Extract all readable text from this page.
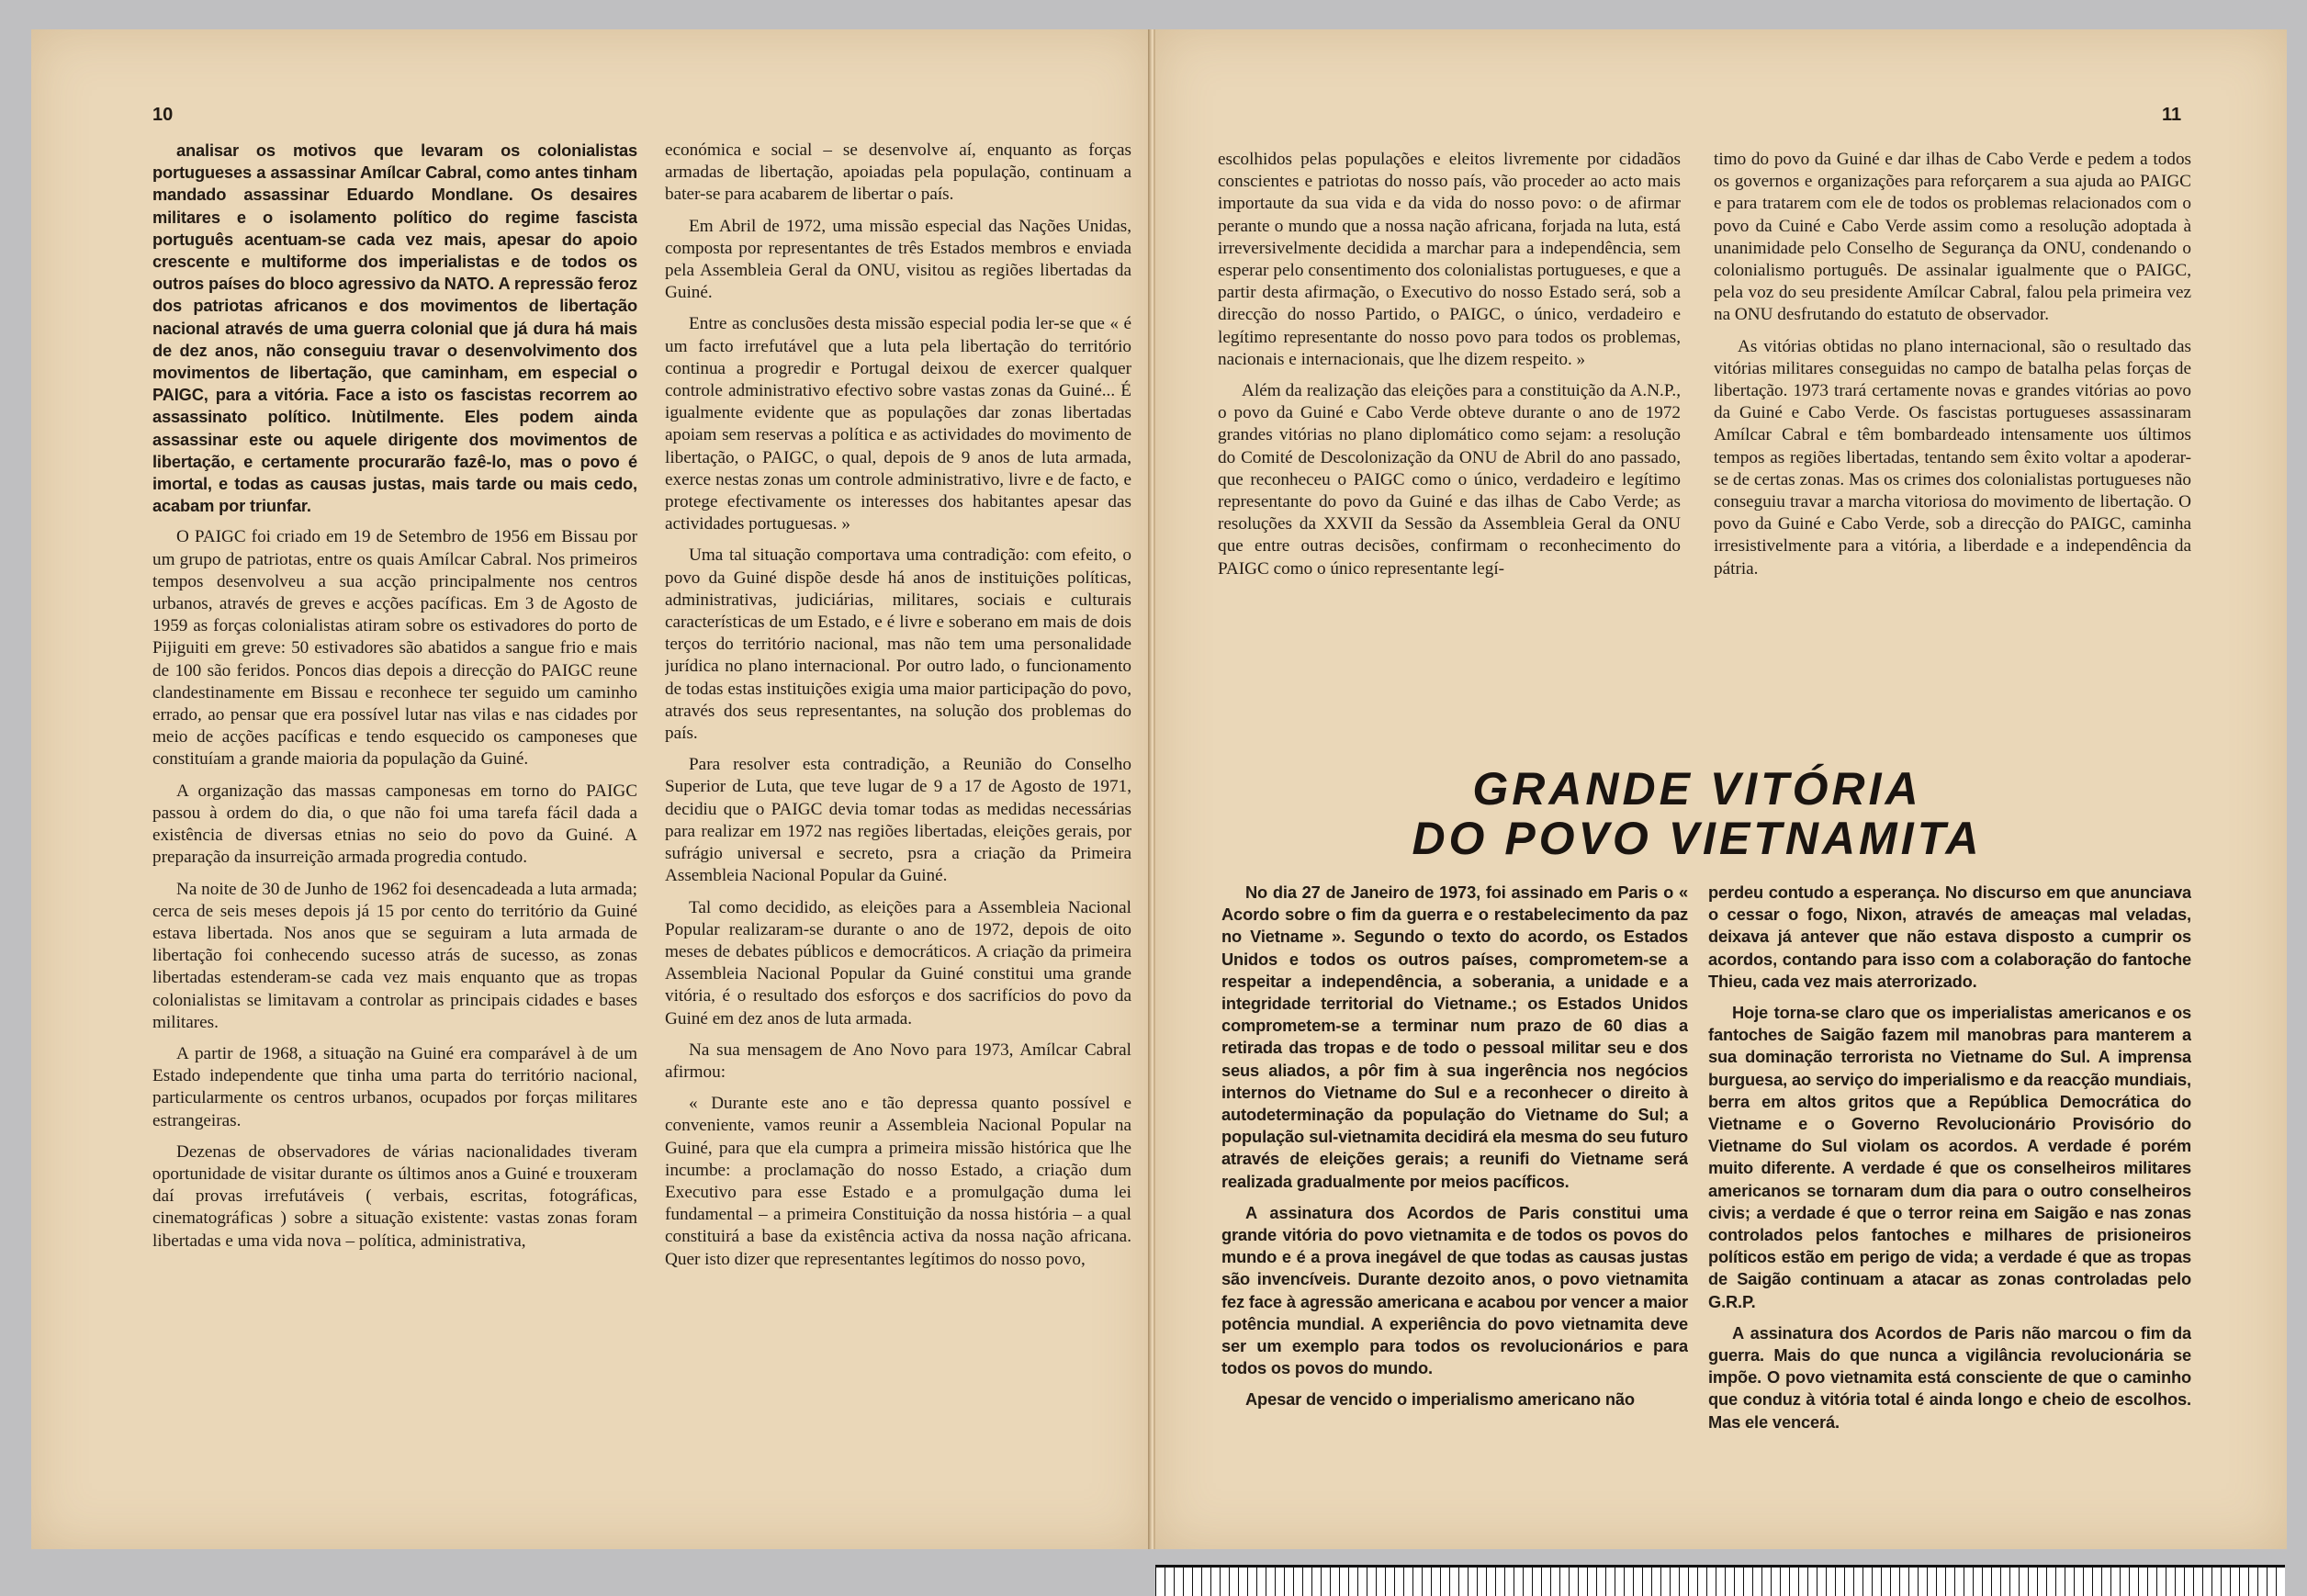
10

analisar os motivos que levaram os colonialistas portugueses a assassinar Amílcar Cabral, como antes tinham mandado assassinar Eduardo Mondlane. Os desaires militares e o isolamento político do regime fascista português acentuam-se cada vez mais, apesar do apoio crescente e multiforme dos imperialistas e de todos os outros países do bloco agressivo da NATO. A repressão feroz dos patriotas africanos e dos movimentos de libertação nacional através de uma guerra colonial que já dura há mais de dez anos, não conseguiu travar o desenvolvimento dos movimentos de libertação, que caminham, em especial o PAIGC, para a vitória. Face a isto os fascistas recorrem ao assassinato político. Inùtilmente. Eles podem ainda assassinar este ou aquele dirigente dos movimentos de libertação, e certamente procurarão fazê-lo, mas o povo é imortal, e todas as causas justas, mais tarde ou mais cedo, acabam por triunfar.

O PAIGC foi criado em 19 de Setembro de 1956 em Bissau por um grupo de patriotas, entre os quais Amílcar Cabral. Nos primeiros tempos desenvolveu a sua acção principalmente nos centros urbanos, através de greves e acções pacíficas. Em 3 de Agosto de 1959 as forças colonialistas atiram sobre os estivadores do porto de Pijiguiti em greve: 50 estivadores são abatidos a sangue frio e mais de 100 são feridos. Poncos dias depois a direcção do PAIGC reune clandestinamente em Bissau e reconhece ter seguido um caminho errado, ao pensar que era possível lutar nas vilas e nas cidades por meio de acções pacíficas e tendo esquecido os camponeses que constituíam a grande maioria da população da Guiné.

A organização das massas camponesas em torno do PAIGC passou à ordem do dia, o que não foi uma tarefa fácil dada a existência de diversas etnias no seio do povo da Guiné. A preparação da insurreição armada progredia contudo.

Na noite de 30 de Junho de 1962 foi desencadeada a luta armada; cerca de seis meses depois já 15 por cento do território da Guiné estava libertada. Nos anos que se seguiram a luta armada de libertação foi conhecendo sucesso atrás de sucesso, as zonas libertadas estenderam-se cada vez mais enquanto que as tropas colonialistas se limitavam a controlar as principais cidades e bases militares.

A partir de 1968, a situação na Guiné era comparável à de um Estado independente que tinha uma parta do território nacional, particularmente os centros urbanos, ocupados por forças militares estrangeiras.

Dezenas de observadores de várias nacionalidades tiveram oportunidade de visitar durante os últimos anos a Guiné e trouxeram daí provas irrefutáveis ( verbais, escritas, fotográficas, cinematográficas ) sobre a situação existente: vastas zonas foram libertadas e uma vida nova – política, administrativa,

económica e social – se desenvolve aí, enquanto as forças armadas de libertação, apoiadas pela população, continuam a bater-se para acabarem de libertar o país.

Em Abril de 1972, uma missão especial das Nações Unidas, composta por representantes de três Estados membros e enviada pela Assembleia Geral da ONU, visitou as regiões libertadas da Guiné.

Entre as conclusões desta missão especial podia ler-se que « é um facto irrefutável que a luta pela libertação do território continua a progredir e Portugal deixou de exercer qualquer controle administrativo efectivo sobre vastas zonas da Guiné... É igualmente evidente que as populações dar zonas libertadas apoiam sem reservas a política e as actividades do movimento de libertação, o PAIGC, o qual, depois de 9 anos de luta armada, exerce nestas zonas um controle administrativo, livre e de facto, e protege efectivamente os interesses dos habitantes apesar das actividades portuguesas. »

Uma tal situação comportava uma contradição: com efeito, o povo da Guiné dispõe desde há anos de instituições políticas, administrativas, judiciárias, militares, sociais e culturais características de um Estado, e é livre e soberano em mais de dois terços do território nacional, mas não tem uma personalidade jurídica no plano internacional. Por outro lado, o funcionamento de todas estas instituições exigia uma maior participação do povo, através dos seus representantes, na solução dos problemas do país.

Para resolver esta contradição, a Reunião do Conselho Superior de Luta, que teve lugar de 9 a 17 de Agosto de 1971, decidiu que o PAIGC devia tomar todas as medidas necessárias para realizar em 1972 nas regiões libertadas, eleições gerais, por sufrágio universal e secreto, psra a criação da Primeira Assembleia Nacional Popular da Guiné.

Tal como decidido, as eleições para a Assembleia Nacional Popular realizaram-se durante o ano de 1972, depois de oito meses de debates públicos e democráticos. A criação da primeira Assembleia Nacional Popular da Guiné constitui uma grande vitória, é o resultado dos esforços e dos sacrifícios do povo da Guiné em dez anos de luta armada.

Na sua mensagem de Ano Novo para 1973, Amílcar Cabral afirmou:

« Durante este ano e tão depressa quanto possível e conveniente, vamos reunir a Assembleia Nacional Popular na Guiné, para que ela cumpra a primeira missão histórica que lhe incumbe: a proclamação do nosso Estado, a criação dum Executivo para esse Estado e a promulgação duma lei fundamental – a primeira Constituição da nossa história – a qual constituirá a base da existência activa da nossa nação africana. Quer isto dizer que representantes legítimos do nosso povo,

11

escolhidos pelas populações e eleitos livremente por cidadãos conscientes e patriotas do nosso país, vão proceder ao acto mais importaute da sua vida e da vida do nosso povo: o de afirmar perante o mundo que a nossa nação africana, forjada na luta, está irreversivelmente decidida a marchar para a independência, sem esperar pelo consentimento dos colonialistas portugueses, e que a partir desta afirmação, o Executivo do nosso Estado será, sob a direcção do nosso Partido, o PAIGC, o único, verdadeiro e legítimo representante do nosso povo para todos os problemas, nacionais e internacionais, que lhe dizem respeito. »

Além da realização das eleições para a constituição da A.N.P., o povo da Guiné e Cabo Verde obteve durante o ano de 1972 grandes vitórias no plano diplomático como sejam: a resolução do Comité de Descolonização da ONU de Abril do ano passado, que reconheceu o PAIGC como o único, verdadeiro e legítimo representante do povo da Guiné e das ilhas de Cabo Verde; as resoluções da XXVII da Sessão da Assembleia Geral da ONU que entre outras decisões, confirmam o reconhecimento do PAIGC como o único representante legí-

timo do povo da Guiné e dar ilhas de Cabo Verde e pedem a todos os governos e organizações para reforçarem a sua ajuda ao PAIGC e para tratarem com ele de todos os problemas relacionados com o povo da Cuiné e Cabo Verde assim como a resolução adoptada à unanimidade pelo Conselho de Segurança da ONU, condenando o colonialismo português. De assinalar igualmente que o PAIGC, pela voz do seu presidente Amílcar Cabral, falou pela primeira vez na ONU desfrutando do estatuto de observador.

As vitórias obtidas no plano internacional, são o resultado das vitórias militares conseguidas no campo de batalha pelas forças de libertação. 1973 trará certamente novas e grandes vitórias ao povo da Guiné e Cabo Verde. Os fascistas portugueses assassinaram Amílcar Cabral e têm bombardeado intensamente uos últimos tempos as regiões libertadas, tentando sem êxito voltar a apoderar-se de certas zonas. Mas os crimes dos colonialistas portugueses não conseguiu travar a marcha vitoriosa do movimento de libertação. O povo da Guiné e Cabo Verde, sob a direcção do PAIGC, caminha irresistivelmente para a vitória, a liberdade e a independência da pátria.

GRANDE VITÓRIA
DO POVO VIETNAMITA

No dia 27 de Janeiro de 1973, foi assinado em Paris o « Acordo sobre o fim da guerra e o restabelecimento da paz no Vietname ». Segundo o texto do acordo, os Estados Unidos e todos os outros países, comprometem-se a respeitar a independência, a soberania, a unidade e a integridade territorial do Vietname.; os Estados Unidos comprometem-se a terminar num prazo de 60 dias a retirada das tropas e de todo o pessoal militar seu e dos seus aliados, a pôr fim à sua ingerência nos negócios internos do Vietname do Sul e a reconhecer o direito à autodeterminação da população do Vietname do Sul; a população sul-vietnamita decidirá ela mesma do seu futuro através de eleições gerais; a reunifi do Vietname será realizada gradualmente por meios pacíficos.

A assinatura dos Acordos de Paris constitui uma grande vitória do povo vietnamita e de todos os povos do mundo e é a prova inegável de que todas as causas justas são invencíveis. Durante dezoito anos, o povo vietnamita fez face à agressão americana e acabou por vencer a maior potência mundial. A experiência do povo vietnamita deve ser um exemplo para todos os revolucionários e para todos os povos do mundo.

Apesar de vencido o imperialismo americano não

perdeu contudo a esperança. No discurso em que anunciava o cessar o fogo, Nixon, através de ameaças mal veladas, deixava já antever que não estava disposto a cumprir os acordos, contando para isso com a colaboração do fantoche Thieu, cada vez mais aterrorizado.

Hoje torna-se claro que os imperialistas americanos e os fantoches de Saigão fazem mil manobras para manterem a sua dominação terrorista no Vietname do Sul. A imprensa burguesa, ao serviço do imperialismo e da reacção mundiais, berra em altos gritos que a República Democrática do Vietname e o Governo Revolucionário Provisório do Vietname do Sul violam os acordos. A verdade é porém muito diferente. A verdade é que os conselheiros militares americanos se tornaram dum dia para o outro conselheiros civis; a verdade é que o terror reina em Saigão e nas zonas controlados pelos fantoches e milhares de prisioneiros políticos estão em perigo de vida; a verdade é que as tropas de Saigão continuam a atacar as zonas controladas pelo G.R.P.

A assinatura dos Acordos de Paris não marcou o fim da guerra. Mais do que nunca a vigilância revolucionária se impõe. O povo vietnamita está consciente de que o caminho que conduz à vitória total é ainda longo e cheio de escolhos. Mas ele vencerá.
